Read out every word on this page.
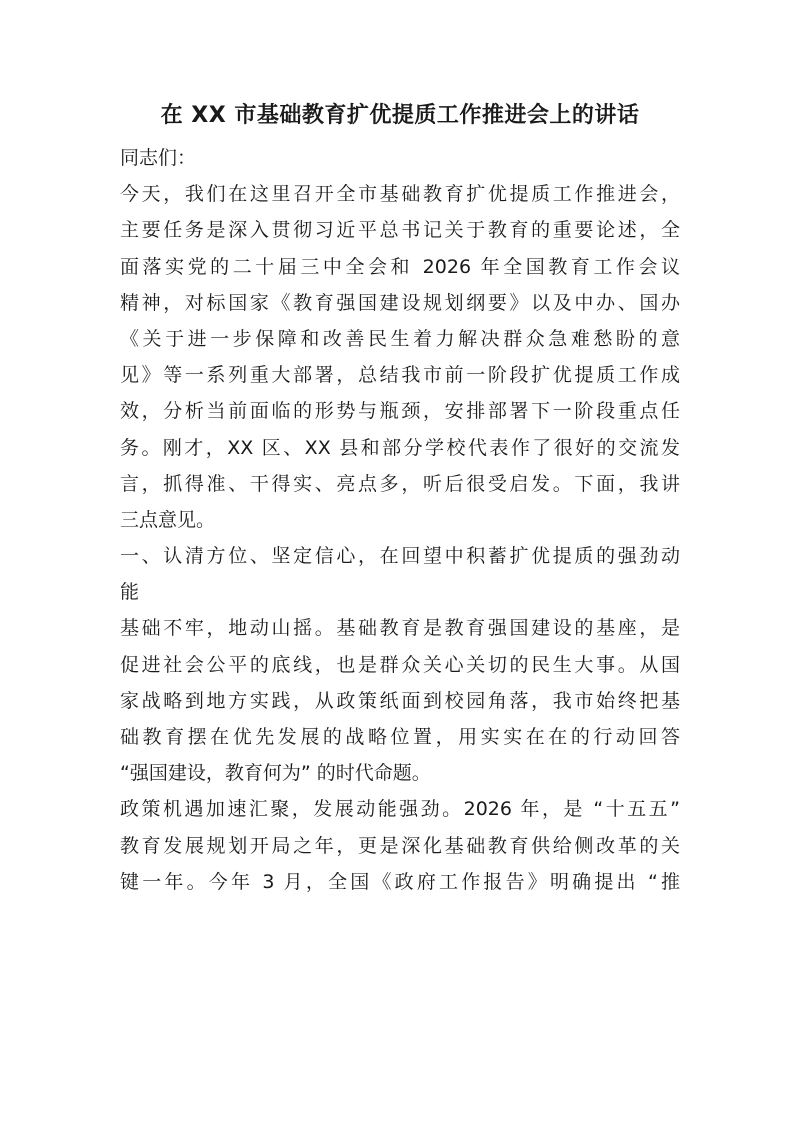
在 XX 市基础教育扩优提质工作推进会上的讲话
同志们：
今天，我们在这里召开全市基础教育扩优提质工作推进会，
主要任务是深入贯彻习近平总书记关于教育的重要论述，全
面落实党的二十届三中全会和 2026 年全国教育工作会议
精神，对标国家《教育强国建设规划纲要》以及中办、国办
《关于进一步保障和改善民生着力解决群众急难愁盼的意
见》等一系列重大部署，总结我市前一阶段扩优提质工作成
效，分析当前面临的形势与瓶颈，安排部署下一阶段重点任
务。刚才，XX 区、XX 县和部分学校代表作了很好的交流发
言，抓得准、干得实、亮点多，听后很受启发。下面，我讲
三点意见。
一、认清方位、坚定信心，在回望中积蓄扩优提质的强劲动
能
基础不牢，地动山摇。基础教育是教育强国建设的基座，是
促进社会公平的底线，也是群众关心关切的民生大事。从国
家战略到地方实践，从政策纸面到校园角落，我市始终把基
础教育摆在优先发展的战略位置，用实实在在的行动回答
“强国建设，教育何为” 的时代命题。
政策机遇加速汇聚，发展动能强劲。2026 年，是 “十五五”
教育发展规划开局之年，更是深化基础教育供给侧改革的关
键一年。今年 3 月，全国《政府工作报告》明确提出 “推
